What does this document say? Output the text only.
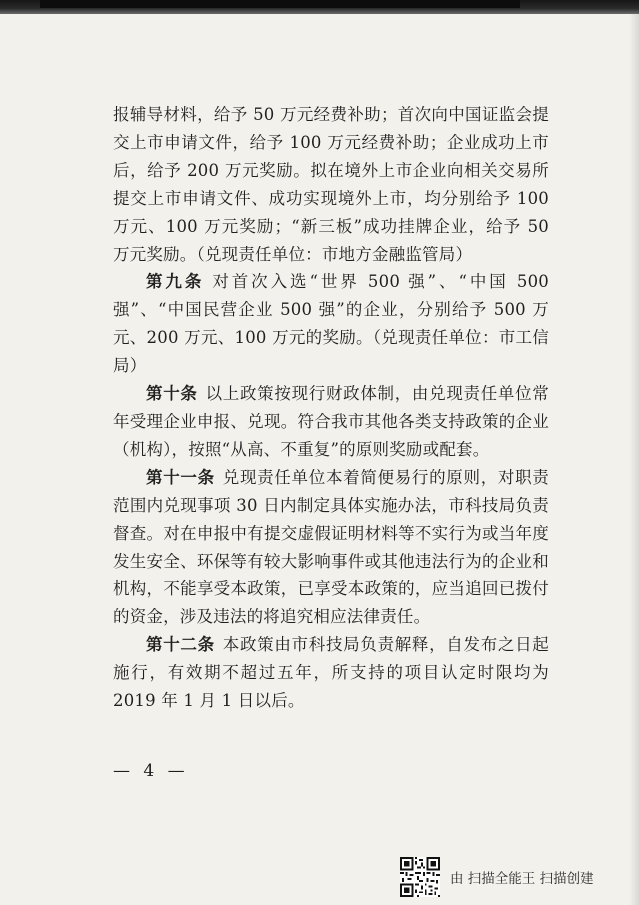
报辅导材料，给予 50 万元经费补助；首次向中国证监会提交上市申请文件，给予 100 万元经费补助；企业成功上市后，给予 200 万元奖励。拟在境外上市企业向相关交易所提交上市申请文件、成功实现境外上市，均分别给予 100 万元、100 万元奖励；“新三板”成功挂牌企业，给予 50 万元奖励。（兑现责任单位：市地方金融监管局）

第九条 对首次入选“世界 500 强”、“中国 500 强”、“中国民营企业 500 强”的企业，分别给予 500 万元、200 万元、100 万元的奖励。（兑现责任单位：市工信局）

第十条 以上政策按现行财政体制，由兑现责任单位常年受理企业申报、兑现。符合我市其他各类支持政策的企业（机构），按照“从高、不重复”的原则奖励或配套。

第十一条 兑现责任单位本着简便易行的原则，对职责范围内兑现事项 30 日内制定具体实施办法，市科技局负责督查。对在申报中有提交虚假证明材料等不实行为或当年度发生安全、环保等有较大影响事件或其他违法行为的企业和机构，不能享受本政策，已享受本政策的，应当追回已拨付的资金，涉及违法的将追究相应法律责任。

第十二条 本政策由市科技局负责解释，自发布之日起施行，有效期不超过五年，所支持的项目认定时限均为 2019 年 1 月 1 日以后。

— 4 —
由 扫描全能王 扫描创建
